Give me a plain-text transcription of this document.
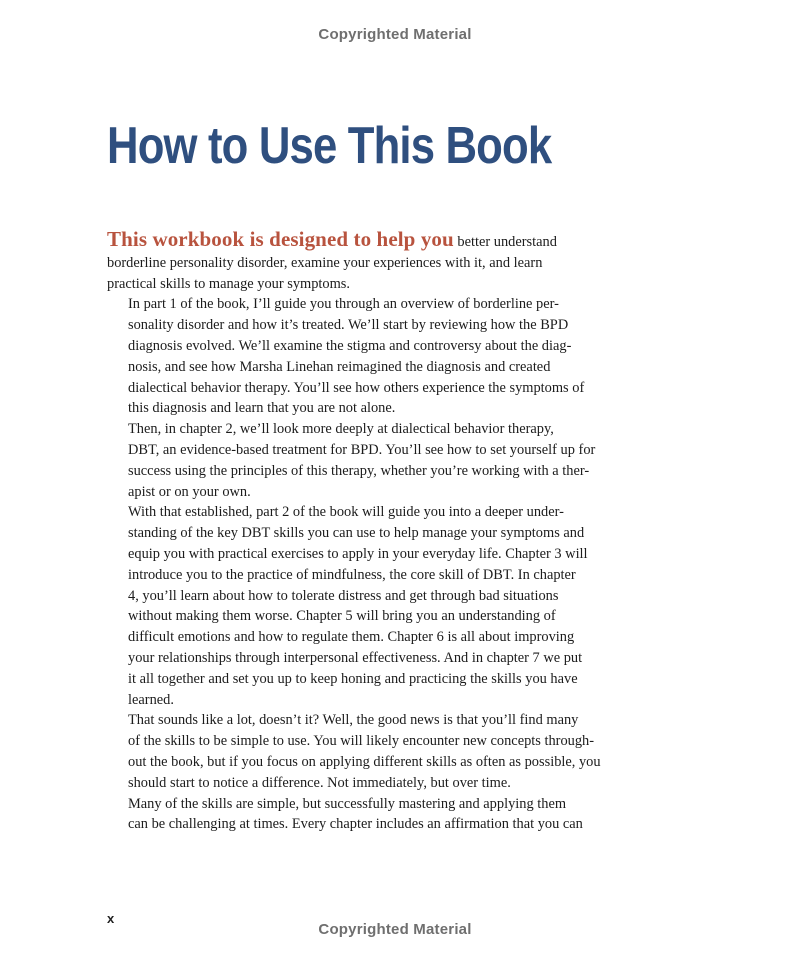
Copyrighted Material
How to Use This Book

This workbook is designed to help you better understand
borderline personality disorder, examine your experiences with it, and learn
practical skills to manage your symptoms.

In part 1 of the book, I’ll guide you through an overview of borderline per-
sonality disorder and how it’s treated. We’ll start by reviewing how the BPD
diagnosis evolved. We’ll examine the stigma and controversy about the diag-
nosis, and see how Marsha Linehan reimagined the diagnosis and created
dialectical behavior therapy. You’ll see how others experience the symptoms of
this diagnosis and learn that you are not alone.

Then, in chapter 2, we’ll look more deeply at dialectical behavior therapy,
DBT, an evidence-based treatment for BPD. You’ll see how to set yourself up for
success using the principles of this therapy, whether you’re working with a ther-
apist or on your own.

With that established, part 2 of the book will guide you into a deeper under-
standing of the key DBT skills you can use to help manage your symptoms and
equip you with practical exercises to apply in your everyday life. Chapter 3 will
introduce you to the practice of mindfulness, the core skill of DBT. In chapter
4, you’ll learn about how to tolerate distress and get through bad situations
without making them worse. Chapter 5 will bring you an understanding of
difficult emotions and how to regulate them. Chapter 6 is all about improving
your relationships through interpersonal effectiveness. And in chapter 7 we put
it all together and set you up to keep honing and practicing the skills you have
learned.

That sounds like a lot, doesn’t it? Well, the good news is that you’ll find many
of the skills to be simple to use. You will likely encounter new concepts through-
out the book, but if you focus on applying different skills as often as possible, you
should start to notice a difference. Not immediately, but over time.

Many of the skills are simple, but successfully mastering and applying them
can be challenging at times. Every chapter includes an affirmation that you can

x
Copyrighted Material
